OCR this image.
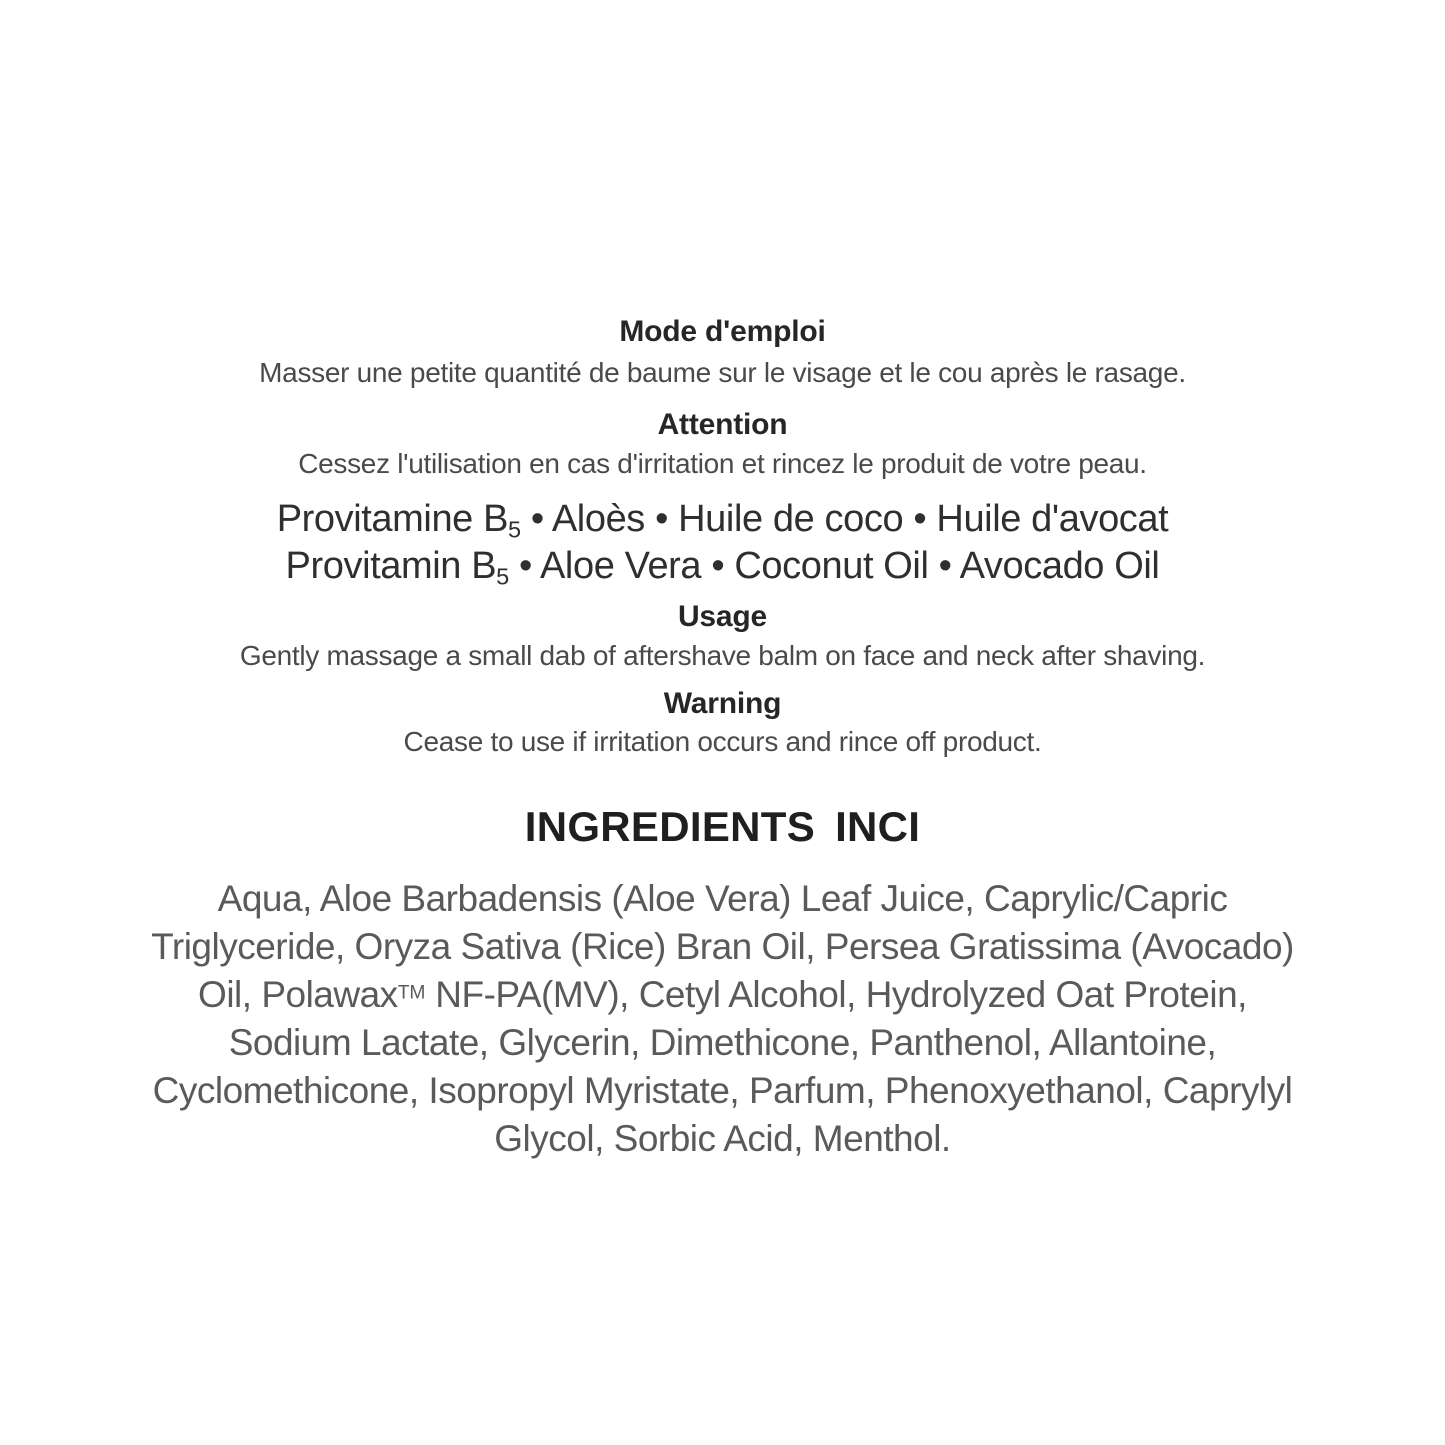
Mode d'emploi
Masser une petite quantité de baume sur le visage et le cou après le rasage.
Attention
Cessez l'utilisation en cas d'irritation et rincez le produit de votre peau.
Provitamine $B_5$ • Aloès • Huile de coco • Huile d'avocat
Provitamin $B_5$ • Aloe Vera • Coconut Oil • Avocado Oil
Usage
Gently massage a small dab of aftershave balm on face and neck after shaving.
Warning
Cease to use if irritation occurs and rince off product.
INGREDIENTS INCI
Aqua, Aloe Barbadensis (Aloe Vera) Leaf Juice, Caprylic/Capric Triglyceride, Oryza Sativa (Rice) Bran Oil, Persea Gratissima (Avocado) Oil, Polawax™ NF-PA(MV), Cetyl Alcohol, Hydrolyzed Oat Protein, Sodium Lactate, Glycerin, Dimethicone, Panthenol, Allantoine, Cyclomethicone, Isopropyl Myristate, Parfum, Phenoxyethanol, Caprylyl Glycol, Sorbic Acid, Menthol.
